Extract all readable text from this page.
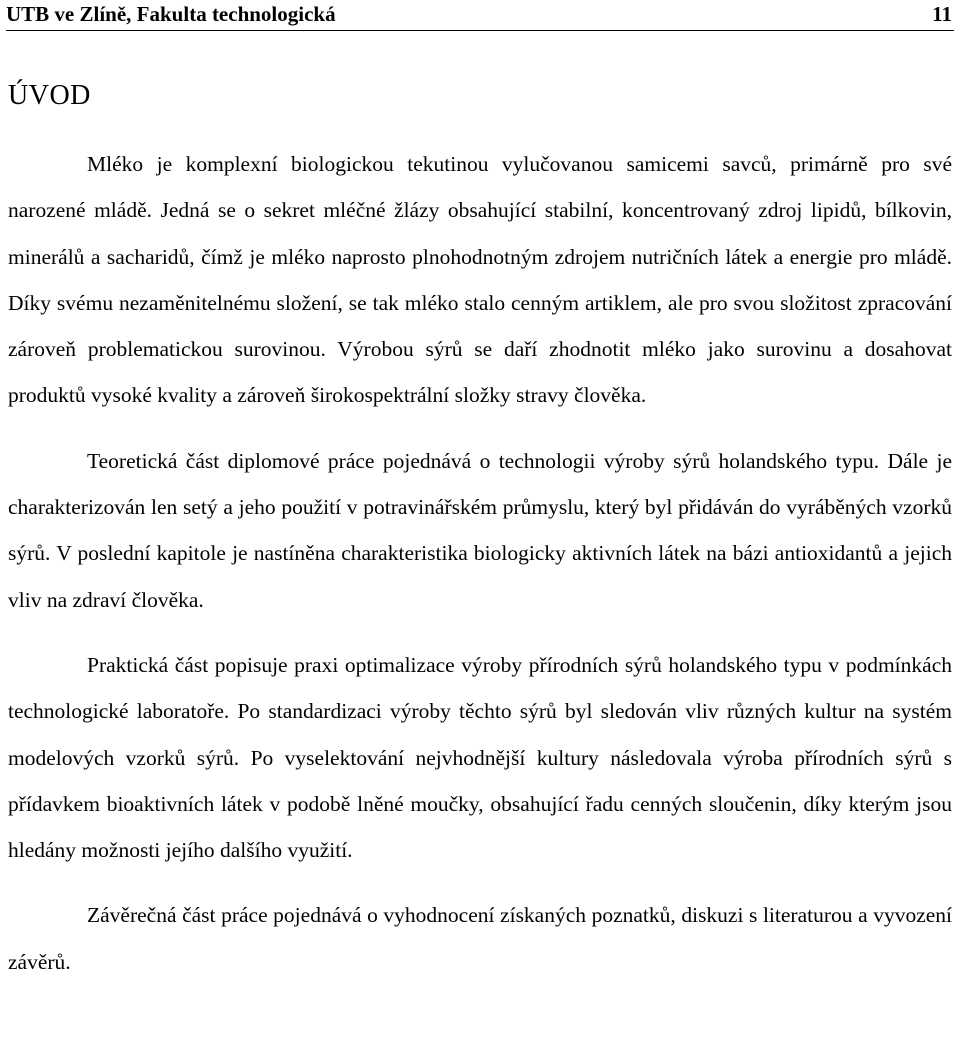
UTB ve Zlíně, Fakulta technologická	11
ÚVOD

Mléko je komplexní biologickou tekutinou vylučovanou samicemi savců, primárně pro své narozené mládě. Jedná se o sekret mléčné žlázy obsahující stabilní, koncentrovaný zdroj lipidů, bílkovin, minerálů a sacharidů, čímž je mléko naprosto plnohodnotným zdrojem nutričních látek a energie pro mládě. Díky svému nezaměnitelnému složení, se tak mléko stalo cenným artiklem, ale pro svou složitost zpracování zároveň problematickou surovinou. Výrobou sýrů se daří zhodnotit mléko jako surovinu a dosahovat produktů vysoké kvality a zároveň širokospektrální složky stravy člověka.

Teoretická část diplomové práce pojednává o technologii výroby sýrů holandského typu. Dále je charakterizován len setý a jeho použití v potravinářském průmyslu, který byl přidáván do vyráběných vzorků sýrů. V poslední kapitole je nastíněna charakteristika biologicky aktivních látek na bázi antioxidantů a jejich vliv na zdraví člověka.

Praktická část popisuje praxi optimalizace výroby přírodních sýrů holandského typu v podmínkách technologické laboratoře. Po standardizaci výroby těchto sýrů byl sledován vliv různých kultur na systém modelových vzorků sýrů. Po vyselektování nejvhodnější kultury následovala výroba přírodních sýrů s přídavkem bioaktivních látek v podobě lněné moučky, obsahující řadu cenných sloučenin, díky kterým jsou hledány možnosti jejího dalšího využití.

Závěrečná část práce pojednává o vyhodnocení získaných poznatků, diskuzi s literaturou a vyvození závěrů.
